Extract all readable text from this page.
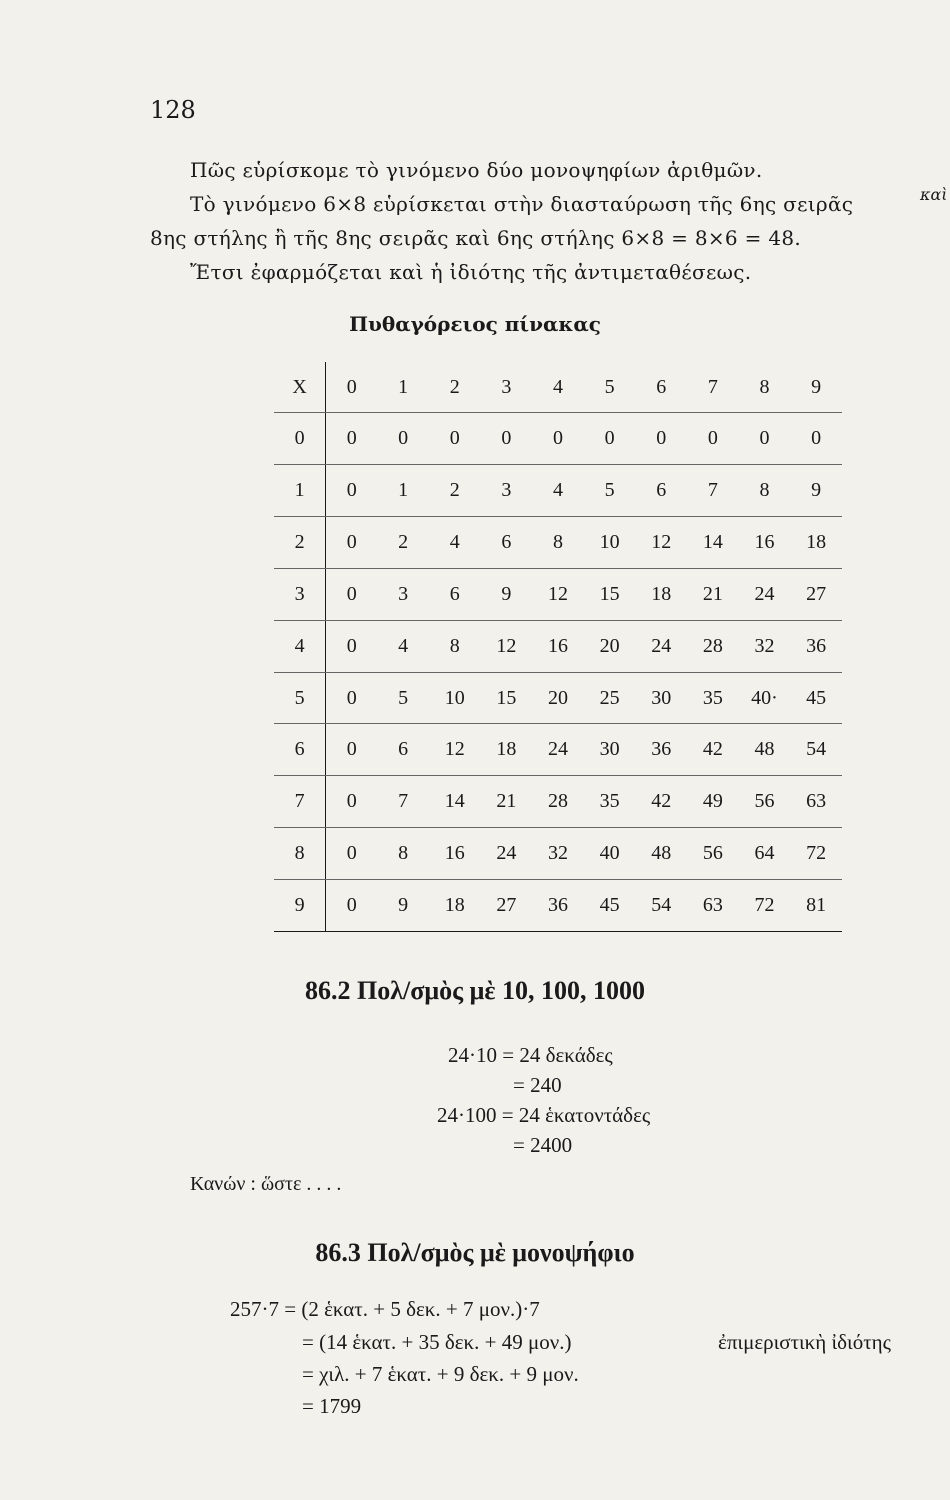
128
Πῶς εὑρίσκομε τὸ γινόμενο δύο μονοψηφίων ἀριθμῶν.
Τὸ γινόμενο 6×8 εὑρίσκεται στὴν διασταύρωση τῆς 6ης σειρᾶς	καὶ
8ης στήλης ἢ τῆς 8ης σειρᾶς καὶ 6ης στήλης 6×8 = 8×6 = 48.
Ἔτσι ἐφαρμόζεται καὶ ἡ ἰδιότης τῆς ἀντιμεταθέσεως.
Πυθαγόρειος πίνακας
X	0	1	2	3	4	5	6	7	8	9
0	0	0	0	0	0	0	0	0	0	0
1	0	1	2	3	4	5	6	7	8	9
2	0	2	4	6	8	10	12	14	16	18
3	0	3	6	9	12	15	18	21	24	27
4	0	4	8	12	16	20	24	28	32	36
5	0	5	10	15	20	25	30	35	40·	45
6	0	6	12	18	24	30	36	42	48	54
7	0	7	14	21	28	35	42	49	56	63
8	0	8	16	24	32	40	48	56	64	72
9	0	9	18	27	36	45	54	63	72	81
86.2 Πολ/σμὸς μὲ 10, 100, 1000
24·10 = 24 δεκάδες
= 240
24·100 = 24 ἑκατοντάδες
= 2400
Κανών : ὥστε . . . .
86.3 Πολ/σμὸς μὲ μονοψήφιο
257·7 = (2 ἑκατ. + 5 δεκ. + 7 μον.)·7
= (14 ἑκατ. + 35 δεκ. + 49 μον.)	ἐπιμεριστικὴ ἰδιότης
= χιλ. + 7 ἑκατ. + 9 δεκ. + 9 μον.
= 1799
